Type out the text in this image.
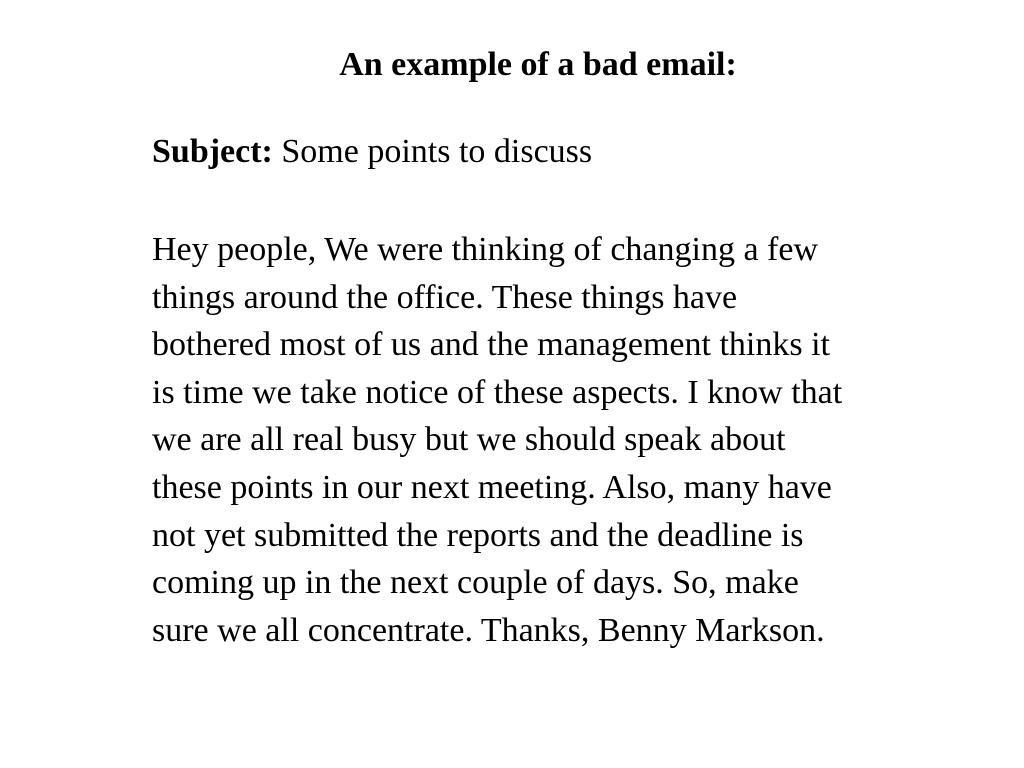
An example of a bad email:

Subject: Some points to discuss

Hey people, We were thinking of changing a few
things around the office. These things have
bothered most of us and the management thinks it
is time we take notice of these aspects. I know that
we are all real busy but we should speak about
these points in our next meeting. Also, many have
not yet submitted the reports and the deadline is
coming up in the next couple of days. So, make
sure we all concentrate. Thanks, Benny Markson.
